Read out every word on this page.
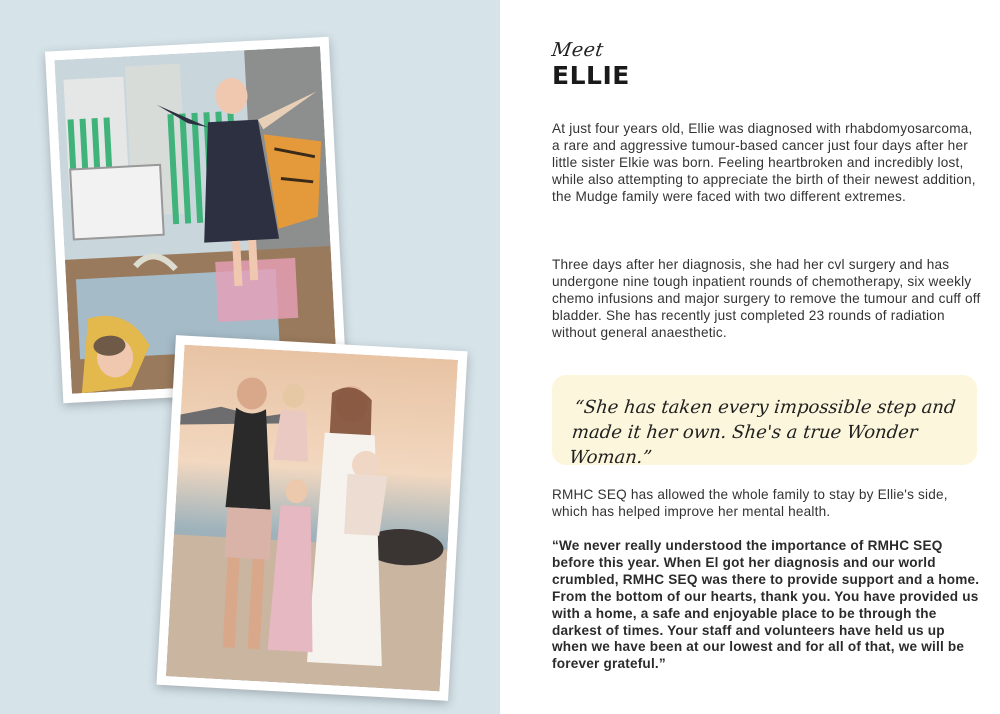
Meet
ELLIE

At just four years old, Ellie was diagnosed with rhabdomyosarcoma, a rare and aggressive tumour-based cancer just four days after her little sister Elkie was born. Feeling heartbroken and incredibly lost, while also attempting to appreciate the birth of their newest addition, the Mudge family were faced with two different extremes.

Three days after her diagnosis, she had her cvl surgery and has undergone nine tough inpatient rounds of chemotherapy, six weekly chemo infusions and major surgery to remove the tumour and cuff off bladder. She has recently just completed 23 rounds of radiation without general anaesthetic.

“She has taken every impossible step and made it her own. She's a true Wonder Woman.”

RMHC SEQ has allowed the whole family to stay by Ellie's side, which has helped improve her mental health.

“We never really understood the importance of RMHC SEQ before this year. When El got her diagnosis and our world crumbled, RMHC SEQ was there to provide support and a home. From the bottom of our hearts, thank you. You have provided us with a home, a safe and enjoyable place to be through the darkest of times. Your staff and volunteers have held us up when we have been at our lowest and for all of that, we will be forever grateful.”
